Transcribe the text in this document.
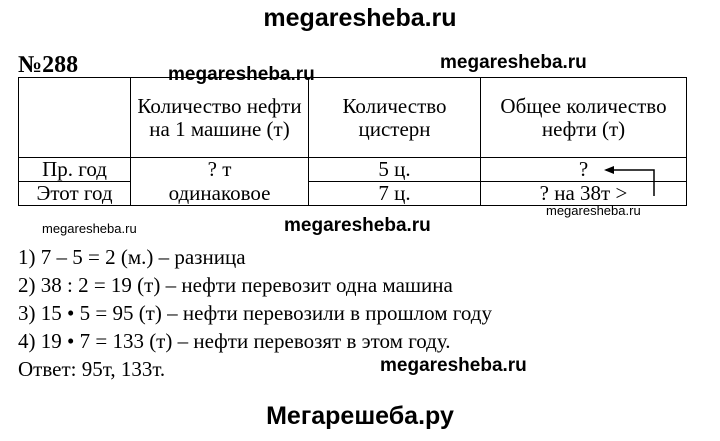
megaresheba.ru
№288
	Количество нефти на 1 машине (т)	Количество цистерн	Общее количество нефти (т)
Пр. год	? т	5 ц.	?
Этот год	одинаковое	7 ц.	? на 38т >
megaresheba.ru
megaresheba.ru
megaresheba.ru
megaresheba.ru
megaresheba.ru
1) 7 – 5 = 2 (м.) – разница
2) 38 : 2 = 19 (т) – нефти перевозит одна машина
3) 15 • 5 = 95 (т) – нефти перевозили в прошлом году
4) 19 • 7 = 133 (т) – нефти перевозят в этом году.
Ответ: 95т, 133т.	megaresheba.ru
Мегарешеба.ру
